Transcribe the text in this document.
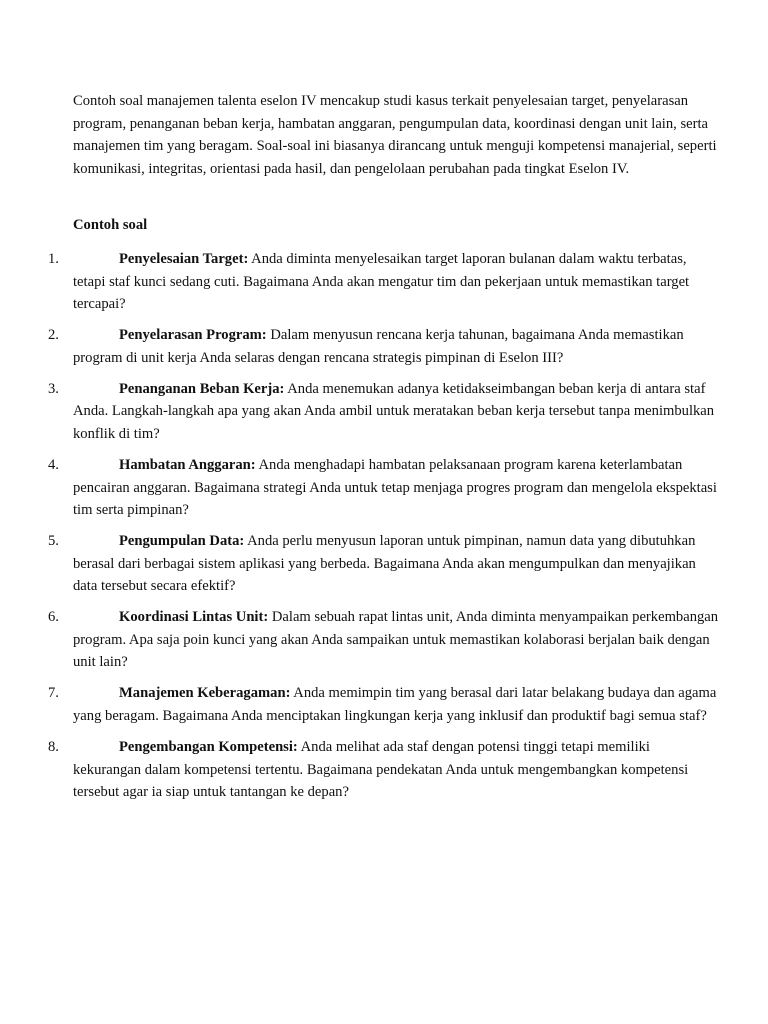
Contoh soal manajemen talenta eselon IV mencakup studi kasus terkait penyelesaian target, penyelarasan program, penanganan beban kerja, hambatan anggaran, pengumpulan data, koordinasi dengan unit lain, serta manajemen tim yang beragam. Soal-soal ini biasanya dirancang untuk menguji kompetensi manajerial, seperti komunikasi, integritas, orientasi pada hasil, dan pengelolaan perubahan pada tingkat Eselon IV.

Contoh soal

1.	Penyelesaian Target: Anda diminta menyelesaikan target laporan bulanan dalam waktu terbatas, tetapi staf kunci sedang cuti. Bagaimana Anda akan mengatur tim dan pekerjaan untuk memastikan target tercapai?

2.	Penyelarasan Program: Dalam menyusun rencana kerja tahunan, bagaimana Anda memastikan program di unit kerja Anda selaras dengan rencana strategis pimpinan di Eselon III?

3.	Penanganan Beban Kerja: Anda menemukan adanya ketidakseimbangan beban kerja di antara staf Anda. Langkah-langkah apa yang akan Anda ambil untuk meratakan beban kerja tersebut tanpa menimbulkan konflik di tim?

4.	Hambatan Anggaran: Anda menghadapi hambatan pelaksanaan program karena keterlambatan pencairan anggaran. Bagaimana strategi Anda untuk tetap menjaga progres program dan mengelola ekspektasi tim serta pimpinan?

5.	Pengumpulan Data: Anda perlu menyusun laporan untuk pimpinan, namun data yang dibutuhkan berasal dari berbagai sistem aplikasi yang berbeda. Bagaimana Anda akan mengumpulkan dan menyajikan data tersebut secara efektif?

6.	Koordinasi Lintas Unit: Dalam sebuah rapat lintas unit, Anda diminta menyampaikan perkembangan program. Apa saja poin kunci yang akan Anda sampaikan untuk memastikan kolaborasi berjalan baik dengan unit lain?

7.	Manajemen Keberagaman: Anda memimpin tim yang berasal dari latar belakang budaya dan agama yang beragam. Bagaimana Anda menciptakan lingkungan kerja yang inklusif dan produktif bagi semua staf?

8.	Pengembangan Kompetensi: Anda melihat ada staf dengan potensi tinggi tetapi memiliki kekurangan dalam kompetensi tertentu. Bagaimana pendekatan Anda untuk mengembangkan kompetensi tersebut agar ia siap untuk tantangan ke depan?
